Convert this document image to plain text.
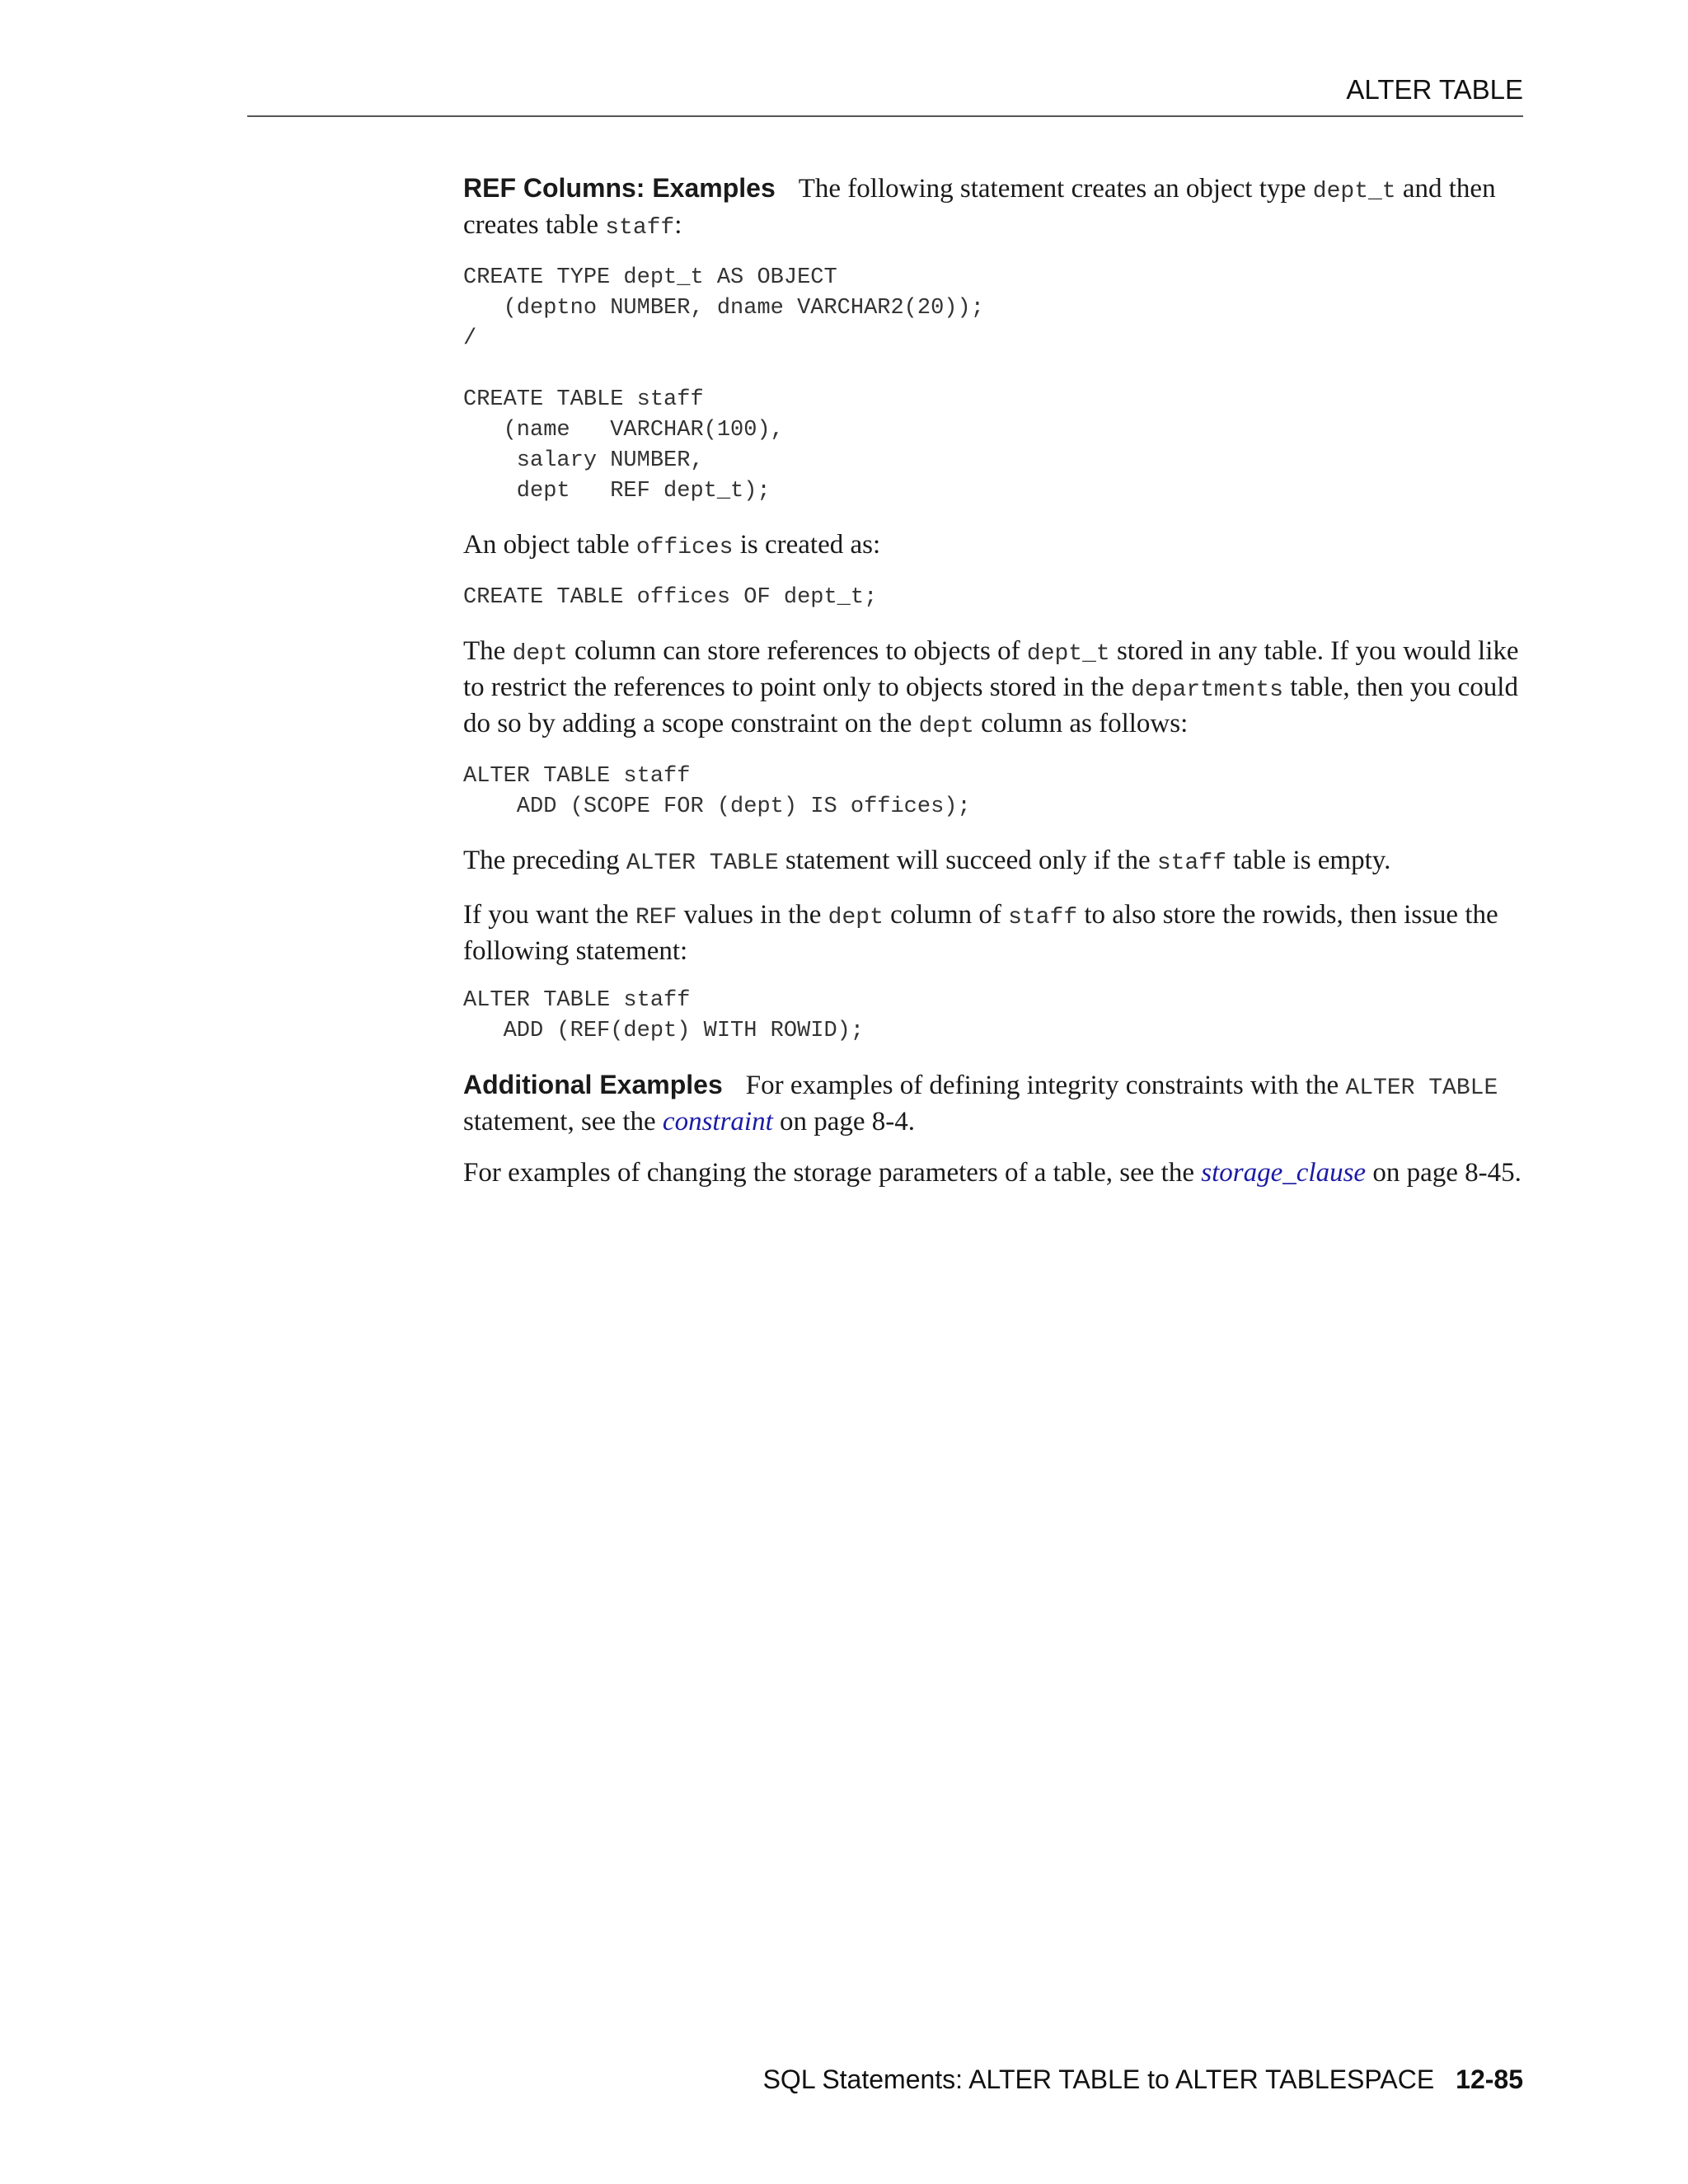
ALTER TABLE

REF Columns: Examples The following statement creates an object type dept_t and then creates table staff:

CREATE TYPE dept_t AS OBJECT
(deptno NUMBER, dname VARCHAR2(20));
/

CREATE TABLE staff
(name   VARCHAR(100),
salary NUMBER,
dept   REF dept_t);

An object table offices is created as:

CREATE TABLE offices OF dept_t;

The dept column can store references to objects of dept_t stored in any table. If you would like to restrict the references to point only to objects stored in the departments table, then you could do so by adding a scope constraint on the dept column as follows:

ALTER TABLE staff
ADD (SCOPE FOR (dept) IS offices);

The preceding ALTER TABLE statement will succeed only if the staff table is empty.

If you want the REF values in the dept column of staff to also store the rowids, then issue the following statement:

ALTER TABLE staff
ADD (REF(dept) WITH ROWID);

Additional Examples For examples of defining integrity constraints with the ALTER TABLE statement, see the constraint on page 8-4.

For examples of changing the storage parameters of a table, see the storage_clause on page 8-45.

SQL Statements: ALTER TABLE to ALTER TABLESPACE 12-85
